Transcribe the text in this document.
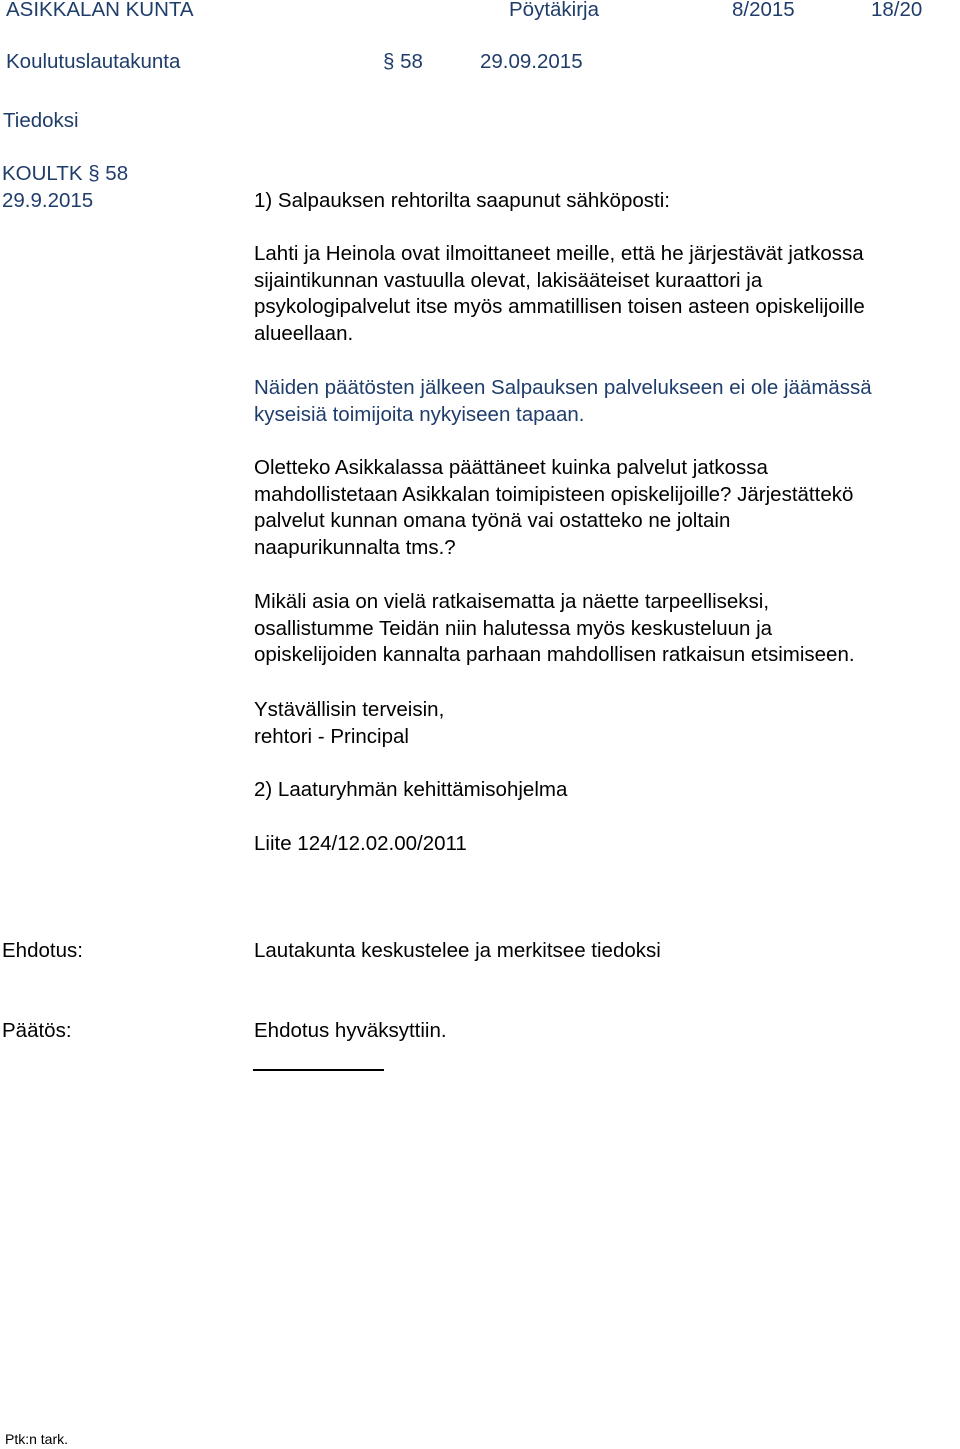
ASIKKALAN KUNTA	Pöytäkirja	8/2015	18/20
Koulutuslautakunta	§ 58	29.09.2015
Tiedoksi
KOULTK § 58
29.9.2015	1) Salpauksen rehtorilta saapunut sähköposti:
Lahti ja Heinola ovat ilmoittaneet meille, että he järjestävät jatkossa
sijaintikunnan vastuulla olevat, lakisääteiset kuraattori ja
psykologipalvelut itse myös ammatillisen toisen asteen opiskelijoille
alueellaan.
Näiden päätösten jälkeen Salpauksen palvelukseen ei ole jäämässä
kyseisiä toimijoita nykyiseen tapaan.
Oletteko Asikkalassa päättäneet kuinka palvelut jatkossa
mahdollistetaan Asikkalan toimipisteen opiskelijoille? Järjestättekö
palvelut kunnan omana työnä vai ostatteko ne joltain
naapurikunnalta tms.?
Mikäli asia on vielä ratkaisematta ja näette tarpeelliseksi,
osallistumme Teidän niin halutessa myös keskusteluun ja
opiskelijoiden kannalta parhaan mahdollisen ratkaisun etsimiseen.
Ystävällisin terveisin,
rehtori - Principal
2) Laaturyhmän kehittämisohjelma
Liite 124/12.02.00/2011
Ehdotus:	Lautakunta keskustelee ja merkitsee tiedoksi
Päätös:	Ehdotus hyväksyttiin.
Ptk:n tark.
